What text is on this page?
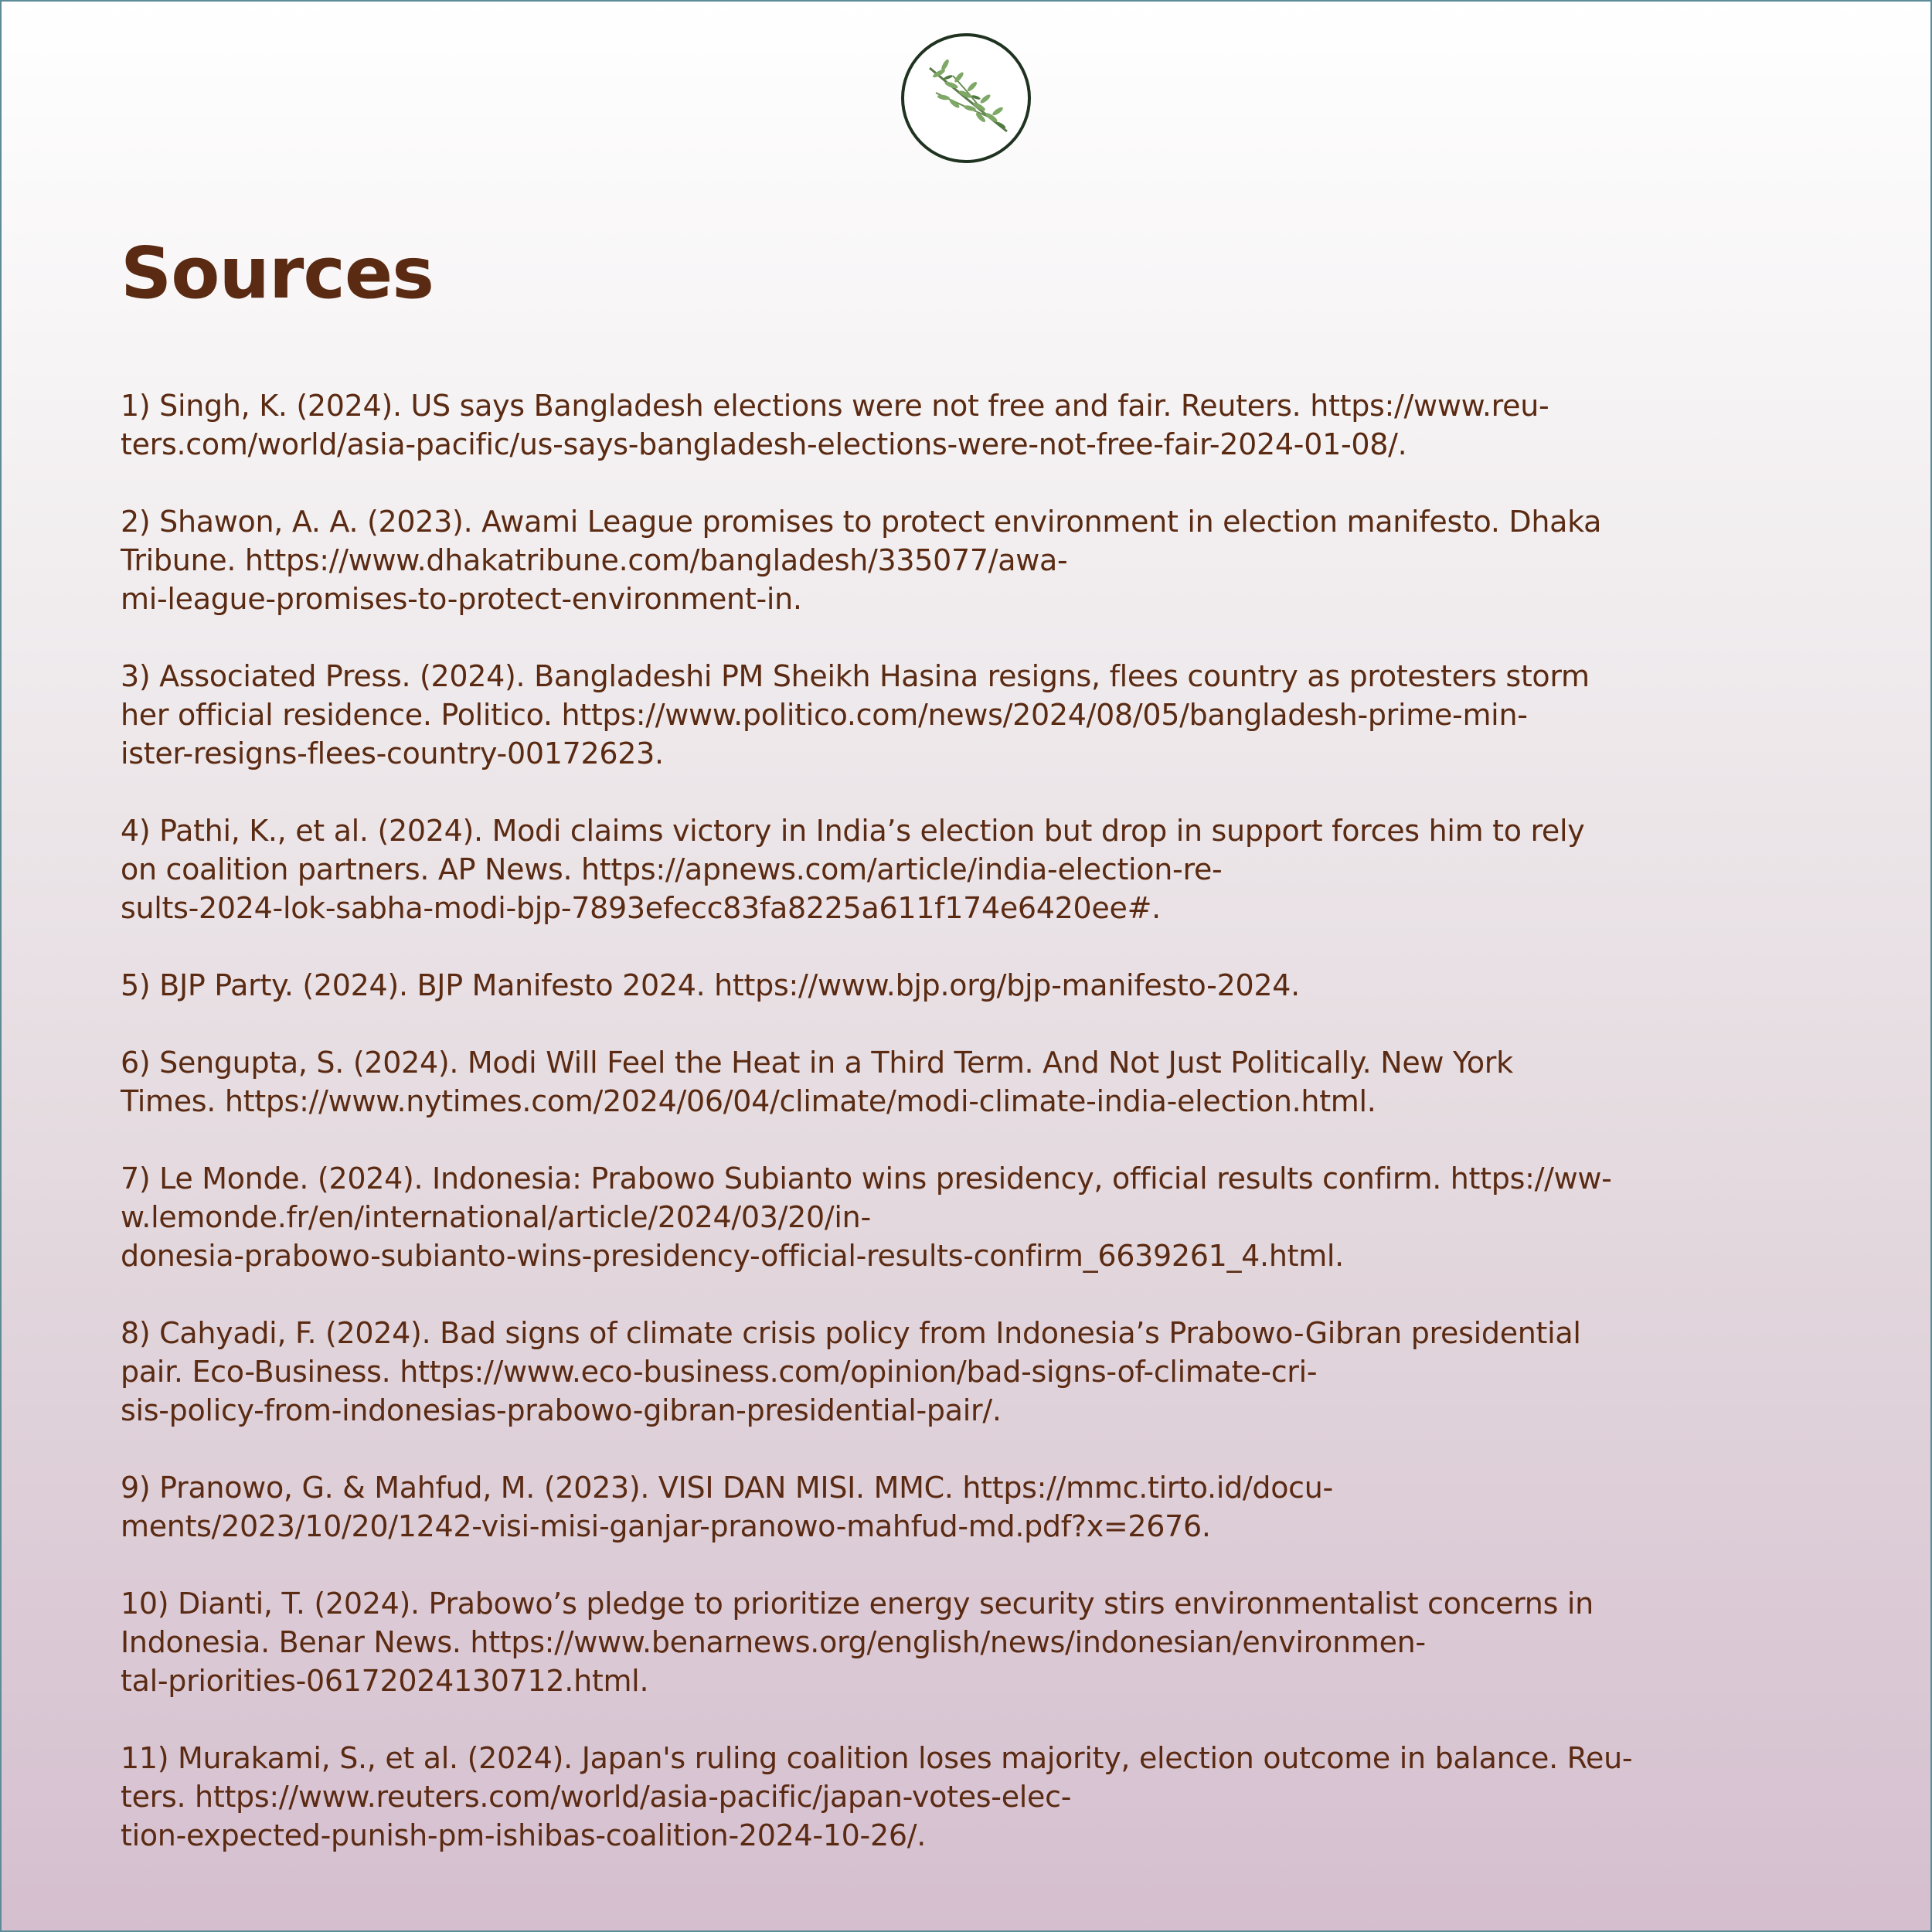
Sources
1) Singh, K. (2024). US says Bangladesh elections were not free and fair. Reuters. https://www.reu-
ters.com/world/asia-pacific/us-says-bangladesh-elections-were-not-free-fair-2024-01-08/.
2) Shawon, A. A. (2023). Awami League promises to protect environment in election manifesto. Dhaka
Tribune. https://www.dhakatribune.com/bangladesh/335077/awa-
mi-league-promises-to-protect-environment-in.
3) Associated Press. (2024). Bangladeshi PM Sheikh Hasina resigns, flees country as protesters storm
her official residence. Politico. https://www.politico.com/news/2024/08/05/bangladesh-prime-min-
ister-resigns-flees-country-00172623.
4) Pathi, K., et al. (2024). Modi claims victory in India’s election but drop in support forces him to rely
on coalition partners. AP News. https://apnews.com/article/india-election-re-
sults-2024-lok-sabha-modi-bjp-7893efecc83fa8225a611f174e6420ee#.
5) BJP Party. (2024). BJP Manifesto 2024. https://www.bjp.org/bjp-manifesto-2024.
6) Sengupta, S. (2024). Modi Will Feel the Heat in a Third Term. And Not Just Politically. New York
Times. https://www.nytimes.com/2024/06/04/climate/modi-climate-india-election.html.
7) Le Monde. (2024). Indonesia: Prabowo Subianto wins presidency, official results confirm. https://ww-
w.lemonde.fr/en/international/article/2024/03/20/in-
donesia-prabowo-subianto-wins-presidency-official-results-confirm_6639261_4.html.
8) Cahyadi, F. (2024). Bad signs of climate crisis policy from Indonesia’s Prabowo-Gibran presidential
pair. Eco-Business. https://www.eco-business.com/opinion/bad-signs-of-climate-cri-
sis-policy-from-indonesias-prabowo-gibran-presidential-pair/.
9) Pranowo, G. & Mahfud, M. (2023). VISI DAN MISI. MMC. https://mmc.tirto.id/docu-
ments/2023/10/20/1242-visi-misi-ganjar-pranowo-mahfud-md.pdf?x=2676.
10) Dianti, T. (2024). Prabowo’s pledge to prioritize energy security stirs environmentalist concerns in
Indonesia. Benar News. https://www.benarnews.org/english/news/indonesian/environmen-
tal-priorities-06172024130712.html.
11) Murakami, S., et al. (2024). Japan's ruling coalition loses majority, election outcome in balance. Reu-
ters. https://www.reuters.com/world/asia-pacific/japan-votes-elec-
tion-expected-punish-pm-ishibas-coalition-2024-10-26/.
